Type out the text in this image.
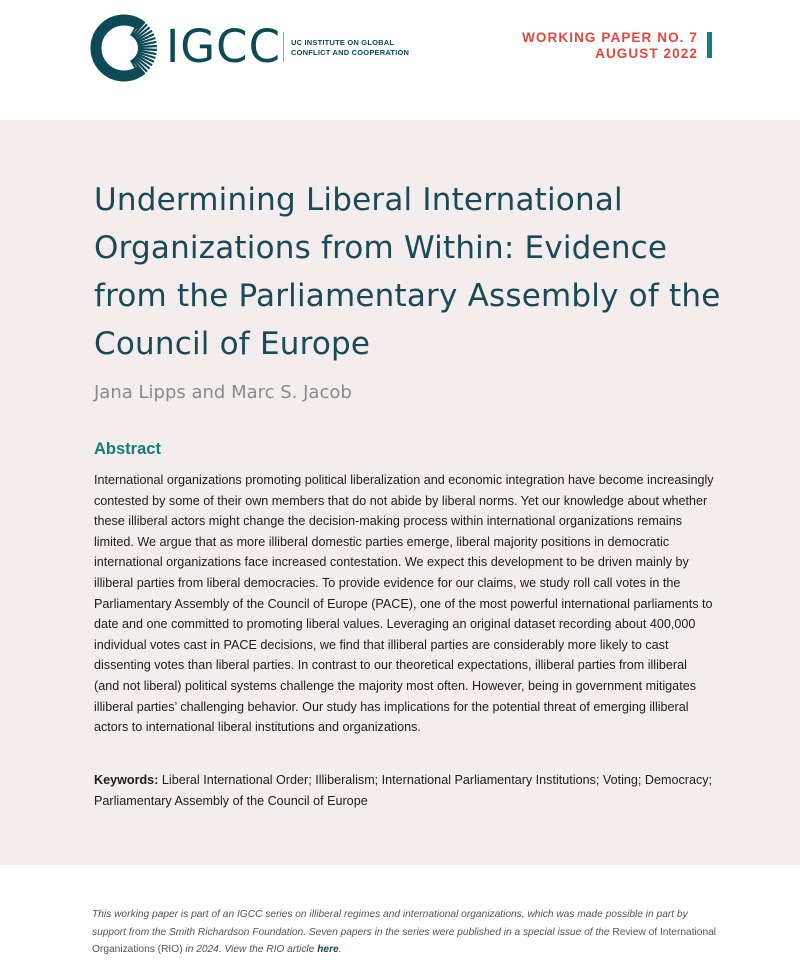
IGCC UC INSTITUTE ON GLOBAL
CONFLICT AND COOPERATION
WORKING PAPER NO. 7
AUGUST 2022
Undermining Liberal International Organizations from Within: Evidence from the Parliamentary Assembly of the Council of Europe
Jana Lipps and Marc S. Jacob
Abstract
International organizations promoting political liberalization and economic integration have become increasingly contested by some of their own members that do not abide by liberal norms. Yet our knowledge about whether these illiberal actors might change the decision-making process within international organizations remains limited. We argue that as more illiberal domestic parties emerge, liberal majority positions in democratic international organizations face increased contestation. We expect this development to be driven mainly by illiberal parties from liberal democracies. To provide evidence for our claims, we study roll call votes in the Parliamentary Assembly of the Council of Europe (PACE), one of the most powerful international parliaments to date and one committed to promoting liberal values. Leveraging an original dataset recording about 400,000 individual votes cast in PACE decisions, we find that illiberal parties are considerably more likely to cast dissenting votes than liberal parties. In contrast to our theoretical expectations, illiberal parties from illiberal (and not liberal) political systems challenge the majority most often. However, being in government mitigates illiberal parties’ challenging behavior. Our study has implications for the potential threat of emerging illiberal actors to international liberal institutions and organizations.
Keywords: Liberal International Order; Illiberalism; International Parliamentary Institutions; Voting; Democracy; Parliamentary Assembly of the Council of Europe
This working paper is part of an IGCC series on illiberal regimes and international organizations, which was made possible in part by support from the Smith Richardson Foundation. Seven papers in the series were published in a special issue of the Review of International Organizations (RIO) in 2024. View the RIO article here.
